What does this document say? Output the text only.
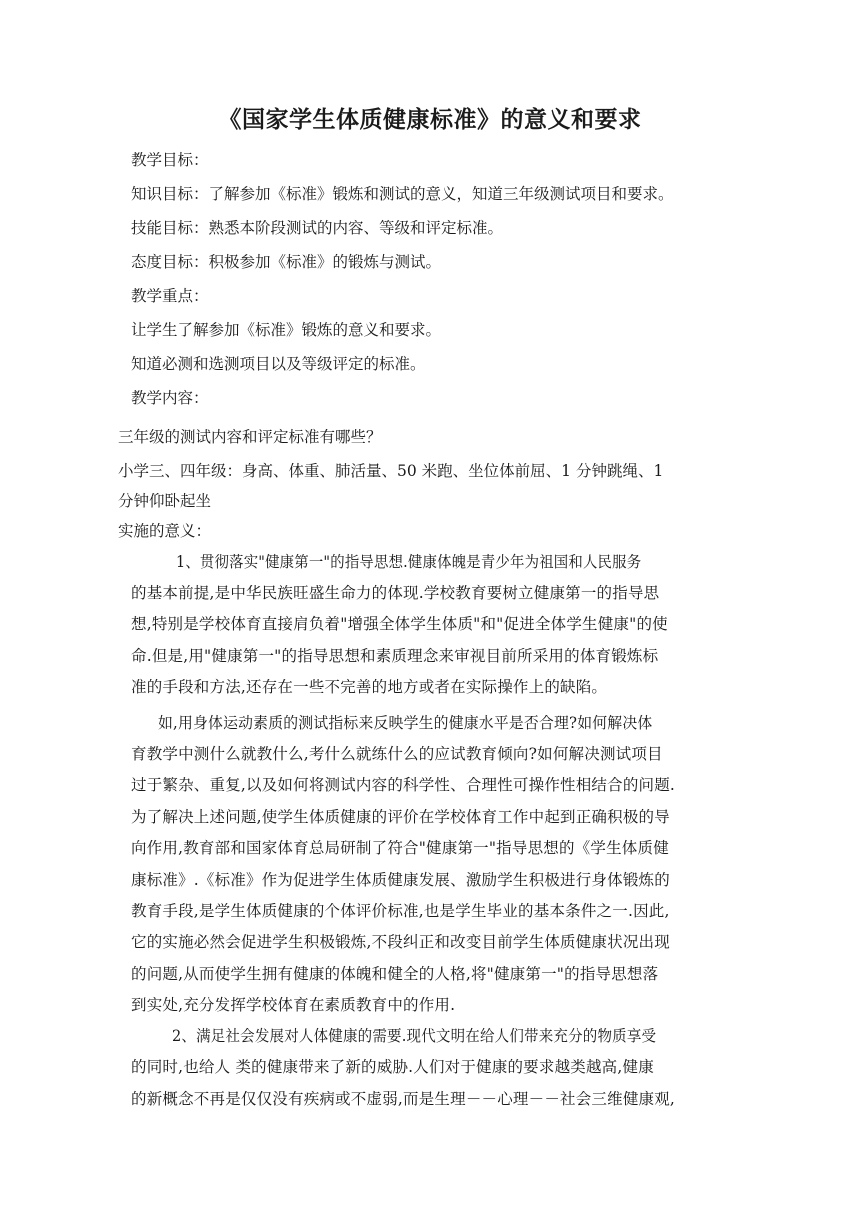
《国家学生体质健康标准》的意义和要求
教学目标：
知识目标：了解参加《标准》锻炼和测试的意义，知道三年级测试项目和要求。
技能目标：熟悉本阶段测试的内容、等级和评定标准。
态度目标：积极参加《标准》的锻炼与测试。
教学重点：
让学生了解参加《标准》锻炼的意义和要求。
知道必测和选测项目以及等级评定的标准。
教学内容：
三年级的测试内容和评定标准有哪些？
小学三、四年级：身高、体重、肺活量、50 米跑、坐位体前屈、1 分钟跳绳、1
分钟仰卧起坐
实施的意义：
1、贯彻落实"健康第一"的指导思想.健康体魄是青少年为祖国和人民服务
的基本前提,是中华民族旺盛生命力的体现.学校教育要树立健康第一的指导思
想,特别是学校体育直接肩负着"增强全体学生体质"和"促进全体学生健康"的使
命.但是,用"健康第一"的指导思想和素质理念来审视目前所采用的体育锻炼标
准的手段和方法,还存在一些不完善的地方或者在实际操作上的缺陷。
如,用身体运动素质的测试指标来反映学生的健康水平是否合理?如何解决体
育教学中测什么就教什么,考什么就练什么的应试教育倾向?如何解决测试项目
过于繁杂、重复,以及如何将测试内容的科学性、合理性可操作性相结合的问题.
为了解决上述问题,使学生体质健康的评价在学校体育工作中起到正确积极的导
向作用,教育部和国家体育总局研制了符合"健康第一"指导思想的《学生体质健
康标准》.《标准》作为促进学生体质健康发展、激励学生积极进行身体锻炼的
教育手段,是学生体质健康的个体评价标准,也是学生毕业的基本条件之一.因此,
它的实施必然会促进学生积极锻炼,不段纠正和改变目前学生体质健康状况出现
的问题,从而使学生拥有健康的体魄和健全的人格,将"健康第一"的指导思想落
到实处,充分发挥学校体育在素质教育中的作用.
2、满足社会发展对人体健康的需要.现代文明在给人们带来充分的物质享受
的同时,也给人 类的健康带来了新的威胁.人们对于健康的要求越类越高,健康
的新概念不再是仅仅没有疾病或不虚弱,而是生理－－心理－－社会三维健康观,
